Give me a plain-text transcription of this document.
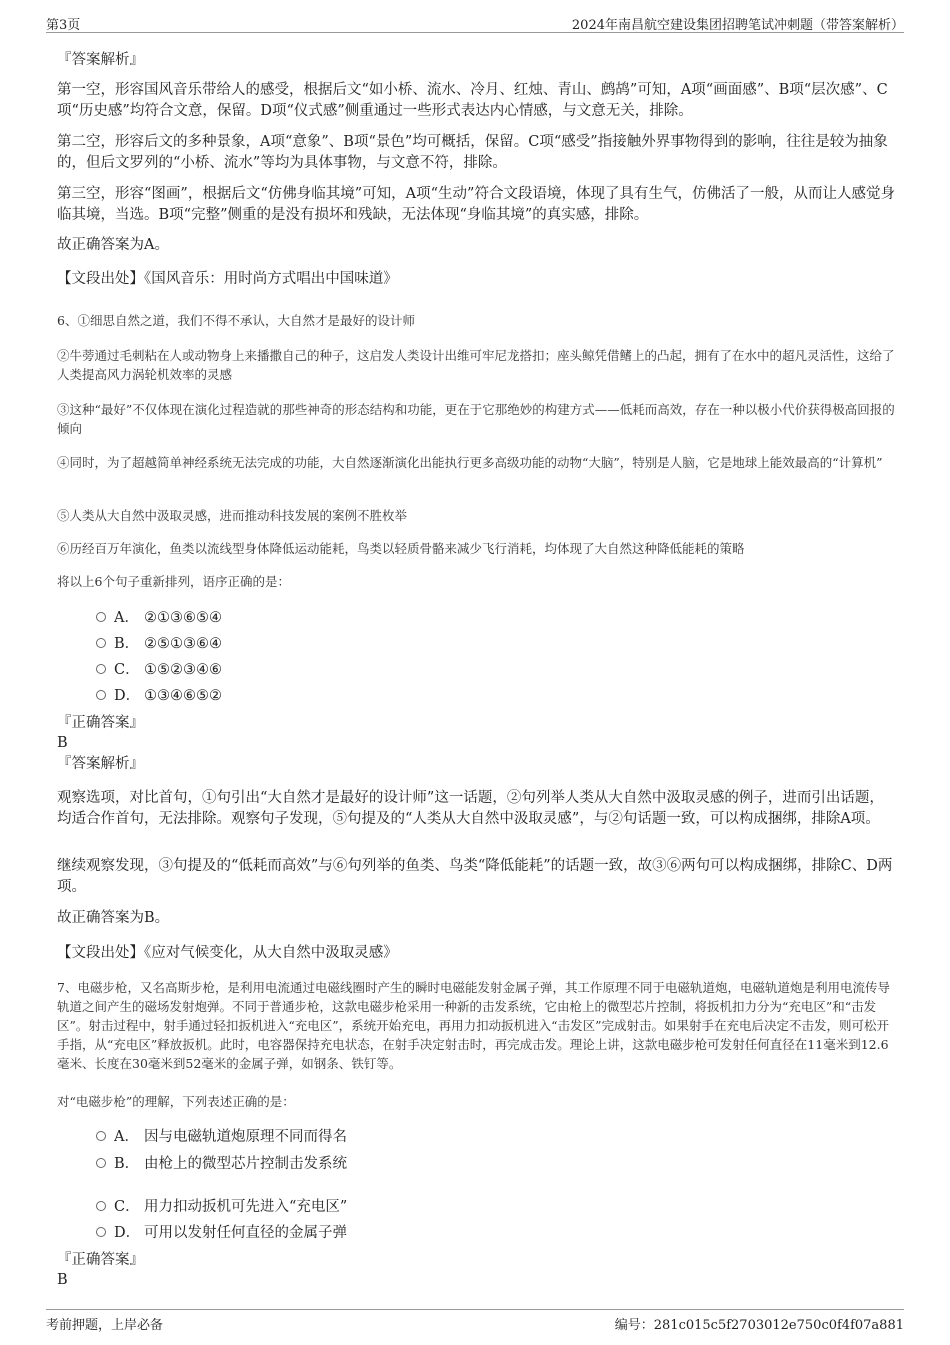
第3页	2024年南昌航空建设集团招聘笔试冲刺题（带答案解析）

『答案解析』

第一空，形容国风音乐带给人的感受，根据后文“如小桥、流水、冷月、红烛、青山、鹧鸪”可知，A项“画面感”、B项“层次感”、C项“历史感”均符合文意，保留。D项“仪式感”侧重通过一些形式表达内心情感，与文意无关，排除。

第二空，形容后文的多种景象，A项“意象”、B项“景色”均可概括，保留。C项“感受”指接触外界事物得到的影响，往往是较为抽象的，但后文罗列的“小桥、流水”等均为具体事物，与文意不符，排除。

第三空，形容“图画”，根据后文“仿佛身临其境”可知，A项“生动”符合文段语境，体现了具有生气，仿佛活了一般，从而让人感觉身临其境，当选。B项“完整”侧重的是没有损坏和残缺，无法体现“身临其境”的真实感，排除。

故正确答案为A。

【文段出处】《国风音乐：用时尚方式唱出中国味道》

6、①细思自然之道，我们不得不承认，大自然才是最好的设计师

②牛蒡通过毛刺粘在人或动物身上来播撒自己的种子，这启发人类设计出维可牢尼龙搭扣；座头鲸凭借鳍上的凸起，拥有了在水中的超凡灵活性，这给了人类提高风力涡轮机效率的灵感

③这种“最好”不仅体现在演化过程造就的那些神奇的形态结构和功能，更在于它那绝妙的构建方式——低耗而高效，存在一种以极小代价获得极高回报的倾向

④同时，为了超越简单神经系统无法完成的功能，大自然逐渐演化出能执行更多高级功能的动物“大脑”，特别是人脑，它是地球上能效最高的“计算机”

⑤人类从大自然中汲取灵感，进而推动科技发展的案例不胜枚举

⑥历经百万年演化，鱼类以流线型身体降低运动能耗，鸟类以轻质骨骼来减少飞行消耗，均体现了大自然这种降低能耗的策略

将以上6个句子重新排列，语序正确的是：

A． ②①③⑥⑤④
B． ②⑤①③⑥④
C． ①⑤②③④⑥
D． ①③④⑥⑤②

『正确答案』

B

『答案解析』

观察选项，对比首句，①句引出“大自然才是最好的设计师”这一话题，②句列举人类从大自然中汲取灵感的例子，进而引出话题，均适合作首句，无法排除。观察句子发现，⑤句提及的“人类从大自然中汲取灵感”，与②句话题一致，可以构成捆绑，排除A项。

继续观察发现，③句提及的“低耗而高效”与⑥句列举的鱼类、鸟类“降低能耗”的话题一致，故③⑥两句可以构成捆绑，排除C、D两项。

故正确答案为B。

【文段出处】《应对气候变化，从大自然中汲取灵感》

7、电磁步枪，又名高斯步枪，是利用电流通过电磁线圈时产生的瞬时电磁能发射金属子弹，其工作原理不同于电磁轨道炮，电磁轨道炮是利用电流传导轨道之间产生的磁场发射炮弹。不同于普通步枪，这款电磁步枪采用一种新的击发系统，它由枪上的微型芯片控制，将扳机扣力分为“充电区”和“击发区”。射击过程中，射手通过轻扣扳机进入“充电区”，系统开始充电，再用力扣动扳机进入“击发区”完成射击。如果射手在充电后决定不击发，则可松开手指，从“充电区”释放扳机。此时，电容器保持充电状态，在射手决定射击时，再完成击发。理论上讲，这款电磁步枪可发射任何直径在11毫米到12.6毫米、长度在30毫米到52毫米的金属子弹，如钢条、铁钉等。

对“电磁步枪”的理解，下列表述正确的是：

A． 因与电磁轨道炮原理不同而得名
B． 由枪上的微型芯片控制击发系统
C． 用力扣动扳机可先进入“充电区”
D． 可用以发射任何直径的金属子弹

『正确答案』

B

考前押题，上岸必备	编号：281c015c5f2703012e750c0f4f07a881
